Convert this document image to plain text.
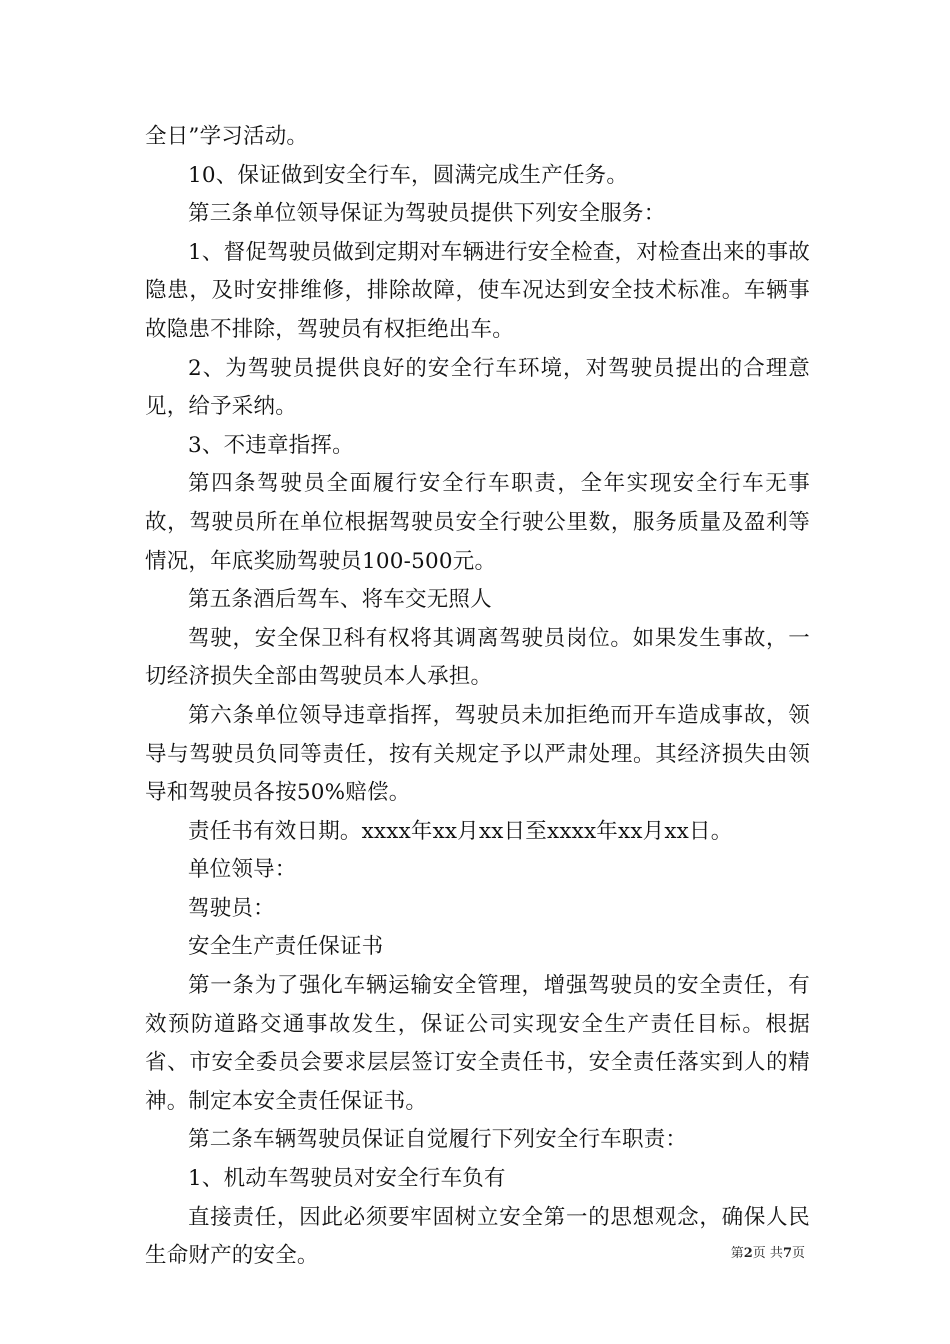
全日”学习活动。

10、保证做到安全行车，圆满完成生产任务。

第三条单位领导保证为驾驶员提供下列安全服务：

1、督促驾驶员做到定期对车辆进行安全检查，对检查出来的事故隐患，及时安排维修，排除故障，使车况达到安全技术标准。车辆事故隐患不排除，驾驶员有权拒绝出车。

2、为驾驶员提供良好的安全行车环境，对驾驶员提出的合理意见，给予采纳。

3、不违章指挥。

第四条驾驶员全面履行安全行车职责，全年实现安全行车无事故，驾驶员所在单位根据驾驶员安全行驶公里数，服务质量及盈利等情况，年底奖励驾驶员100-500元。

第五条酒后驾车、将车交无照人

驾驶，安全保卫科有权将其调离驾驶员岗位。如果发生事故，一切经济损失全部由驾驶员本人承担。

第六条单位领导违章指挥，驾驶员未加拒绝而开车造成事故，领导与驾驶员负同等责任，按有关规定予以严肃处理。其经济损失由领导和驾驶员各按50%赔偿。

责任书有效日期。xxxx年xx月xx日至xxxx年xx月xx日。

单位领导：

驾驶员：

安全生产责任保证书

第一条为了强化车辆运输安全管理，增强驾驶员的安全责任，有效预防道路交通事故发生，保证公司实现安全生产责任目标。根据省、市安全委员会要求层层签订安全责任书，安全责任落实到人的精神。制定本安全责任保证书。

第二条车辆驾驶员保证自觉履行下列安全行车职责：

1、机动车驾驶员对安全行车负有

直接责任，因此必须要牢固树立安全第一的思想观念，确保人民生命财产的安全。	第2页 共7页
